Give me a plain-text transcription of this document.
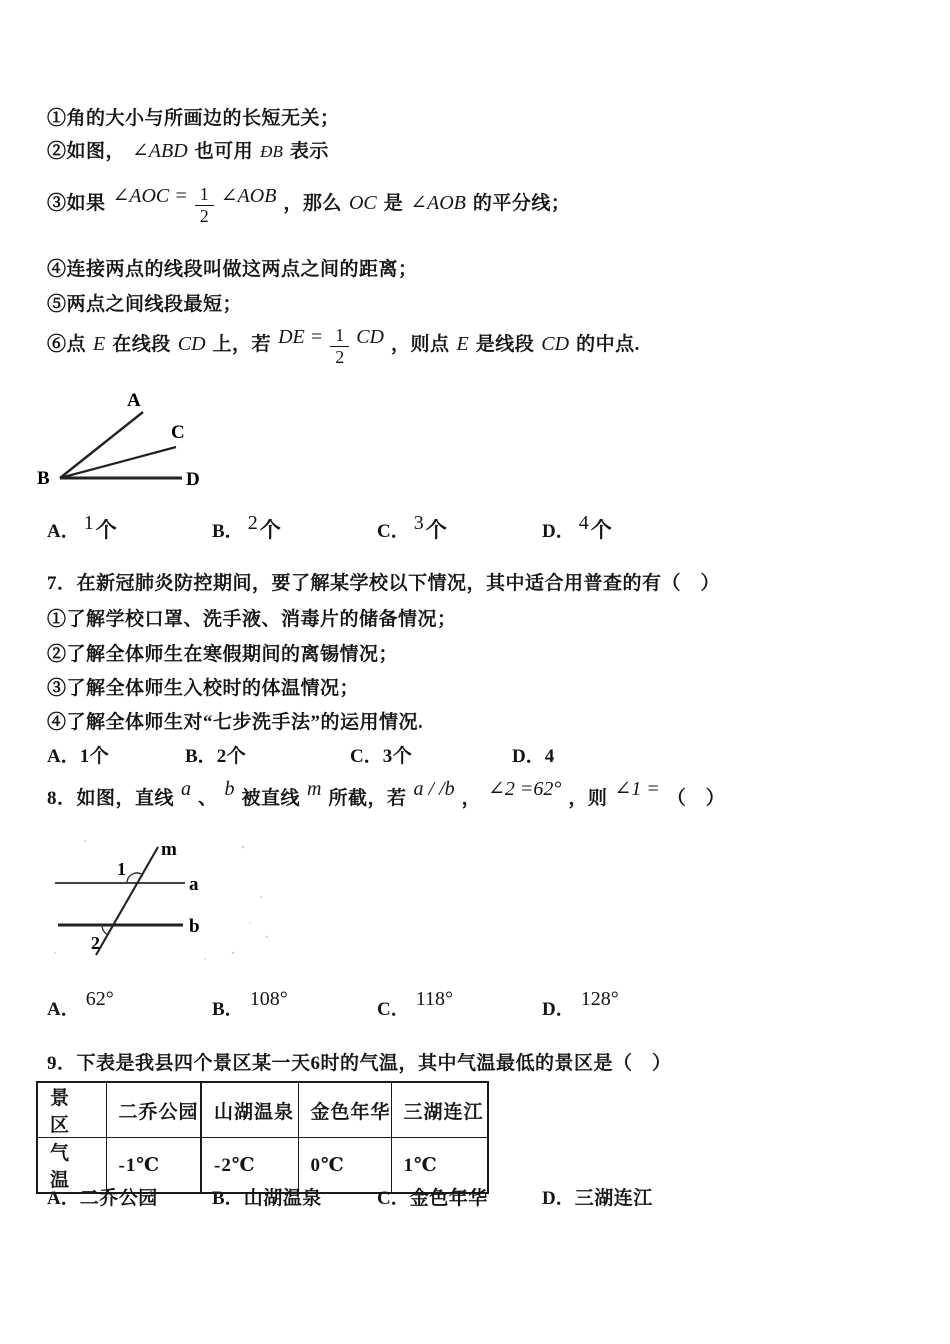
①角的大小与所画边的长短无关；
②如图， ∠ABD 也可用 ÐB 表示
③如果 ∠AOC = $\frac{1}{2}$ ∠AOB ，那么 OC 是 ∠AOB 的平分线；
④连接两点的线段叫做这两点之间的距离；
⑤两点之间线段最短；
⑥点 E 在线段 CD 上，若 DE = $\frac{1}{2}$ CD ，则点 E 是线段 CD 的中点.
A
B
C
D
A． 1个	B． 2个	C． 3个	D． 4个
7．在新冠肺炎防控期间，要了解某学校以下情况，其中适合用普查的有（　）
①了解学校口罩、洗手液、消毒片的储备情况；
②了解全体师生在寒假期间的离锡情况；
③了解全体师生入校时的体温情况；
④了解全体师生对“七步洗手法”的运用情况.
A．1个	B．2个	C．3个	D．4
8．如图，直线 a 、 b 被直线 m 所截，若 a / /b ， ∠2 =62° ，则 ∠1 = （　）
m
a
b
1
2
A． 62°	B． 108°	C． 118°	D． 128°
9．下表是我县四个景区某一天6时的气温，其中气温最低的景区是（　）
景　区	二乔公园	山湖温泉	金色年华	三湖连江
气　温	-1℃	-2℃	0℃	1℃
A．二乔公园	B．山湖温泉	C．金色年华	D．三湖连江
